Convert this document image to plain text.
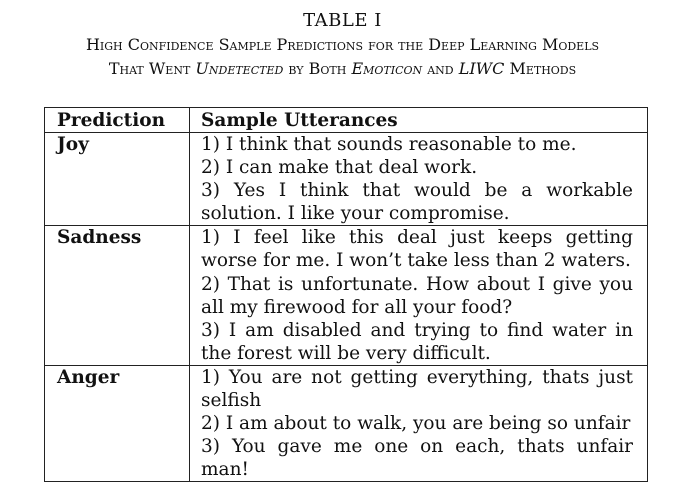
TABLE I
High Confidence Sample Predictions for the Deep Learning Models
That Went Undetected by Both Emoticon and LIWC Methods
Prediction	Sample Utterances
Joy	1) I think that sounds reasonable to me.
2) I can make that deal work.
3) Yes I think that would be a workable solution. I like your compromise.

Sadness	1) I feel like this deal just keeps getting worse for me. I won’t take less than 2 waters.
2) That is unfortunate. How about I give you all my firewood for all your food?
3) I am disabled and trying to find water in the forest will be very difficult.

Anger	1) You are not getting everything, thats just selfish
2) I am about to walk, you are being so unfair
3) You gave me one on each, thats unfair man!
